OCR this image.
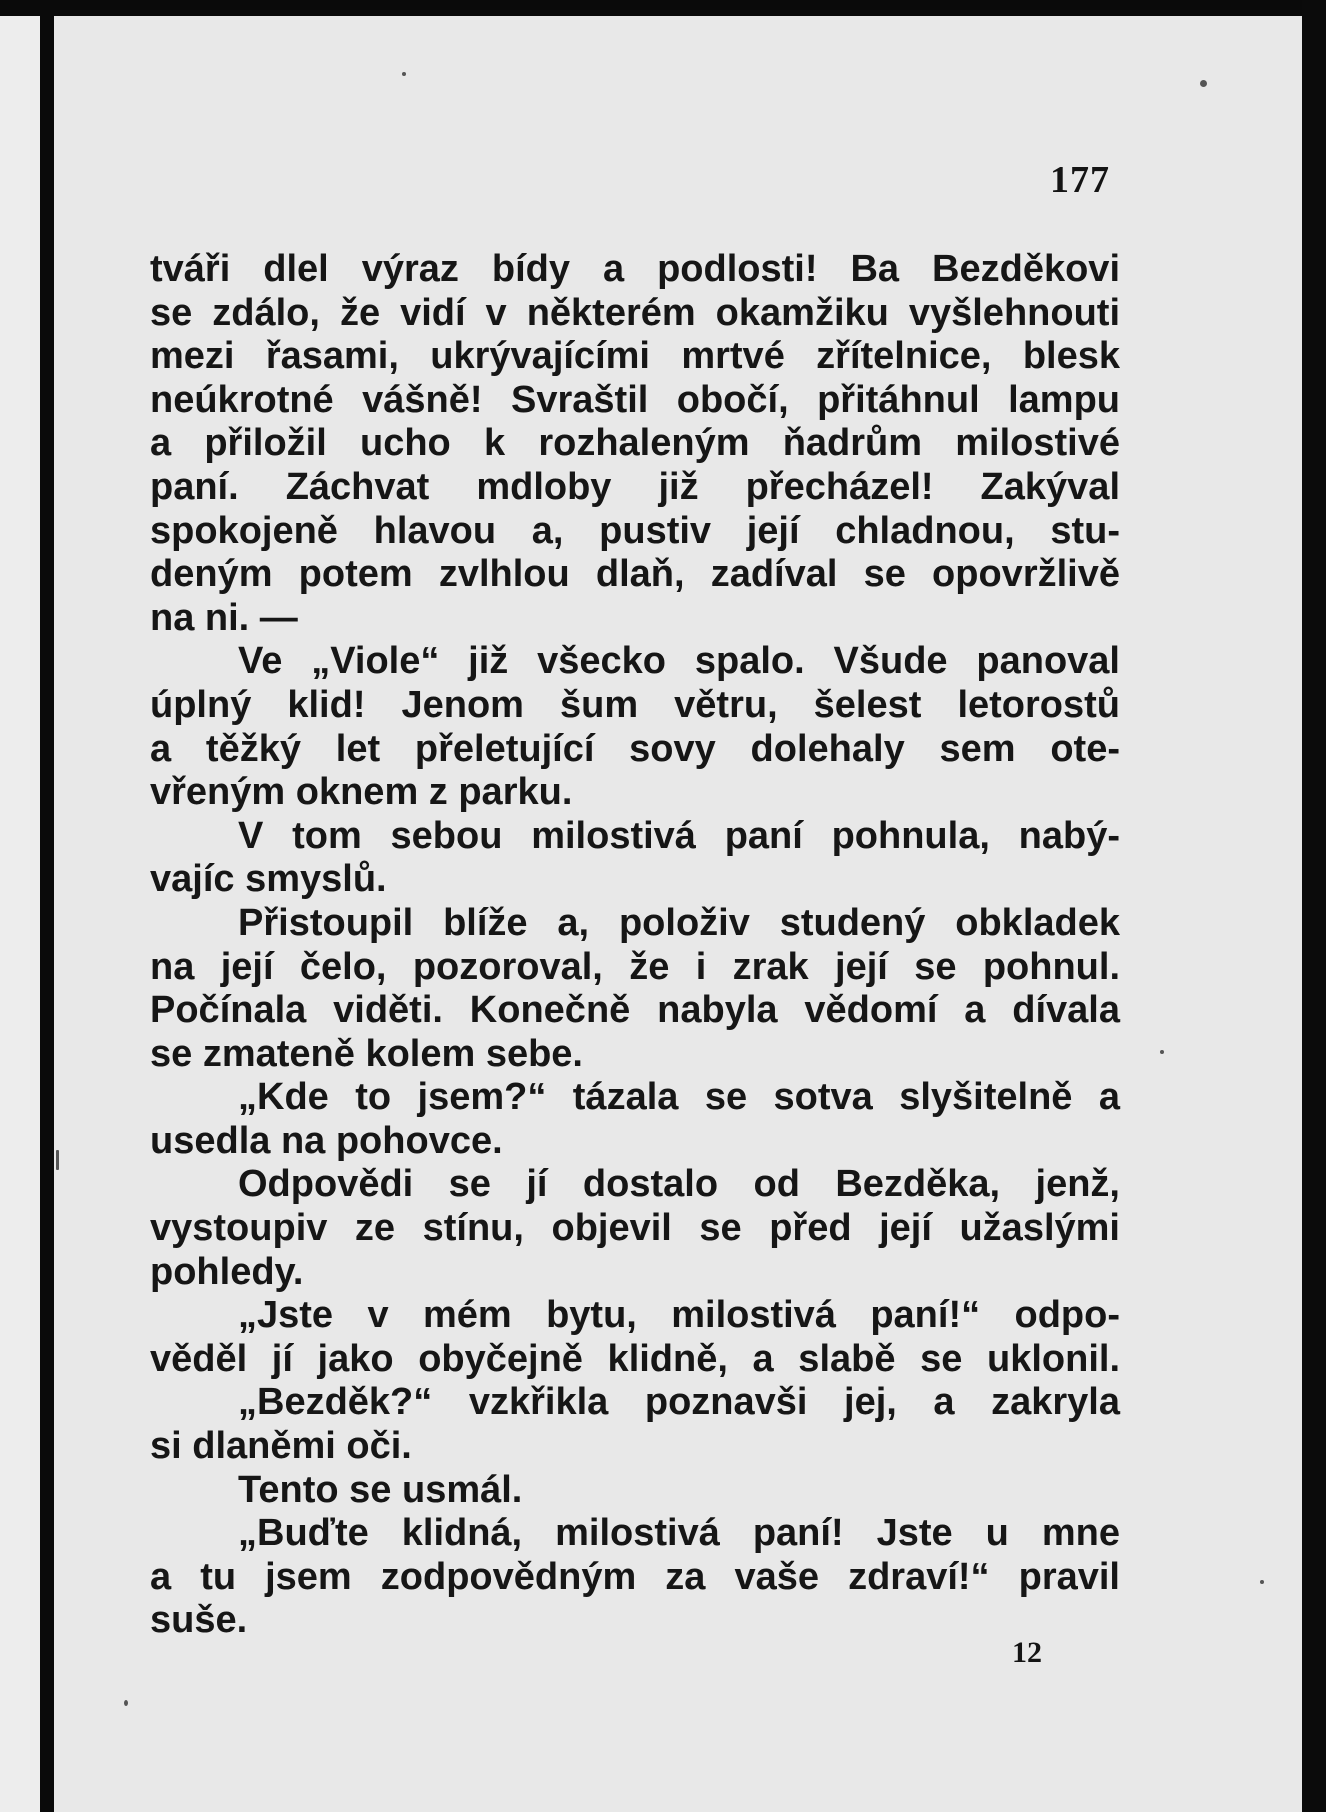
177
tváři dlel výraz bídy a podlosti! Ba Bezděkovi
se zdálo, že vidí v některém okamžiku vyšlehnouti
mezi řasami, ukrývajícími mrtvé zřítelnice, blesk
neúkrotné vášně! Svraštil obočí, přitáhnul lampu
a přiložil ucho k rozhaleným ňadrům milostivé
paní. Záchvat mdloby již přecházel! Zakýval
spokojeně hlavou a, pustiv její chladnou, stu-
deným potem zvlhlou dlaň, zadíval se opovržlivě
na ni. —
Ve „Viole“ již všecko spalo. Všude panoval
úplný klid! Jenom šum větru, šelest letorostů
a těžký let přeletující sovy dolehaly sem ote-
vřeným oknem z parku.
V tom sebou milostivá paní pohnula, nabý-
vajíc smyslů.
Přistoupil blíže a, položiv studený obkladek
na její čelo, pozoroval, že i zrak její se pohnul.
Počínala viděti. Konečně nabyla vědomí a dívala
se zmateně kolem sebe.
„Kde to jsem?“ tázala se sotva slyšitelně a
usedla na pohovce.
Odpovědi se jí dostalo od Bezděka, jenž,
vystoupiv ze stínu, objevil se před její užaslými
pohledy.
„Jste v mém bytu, milostivá paní!“ odpo-
věděl jí jako obyčejně klidně, a slabě se uklonil.
„Bezděk?“ vzkřikla poznavši jej, a zakryla
si dlaněmi oči.
Tento se usmál.
„Buďte klidná, milostivá paní! Jste u mne
a tu jsem zodpovědným za vaše zdraví!“ pravil
suše.
12
